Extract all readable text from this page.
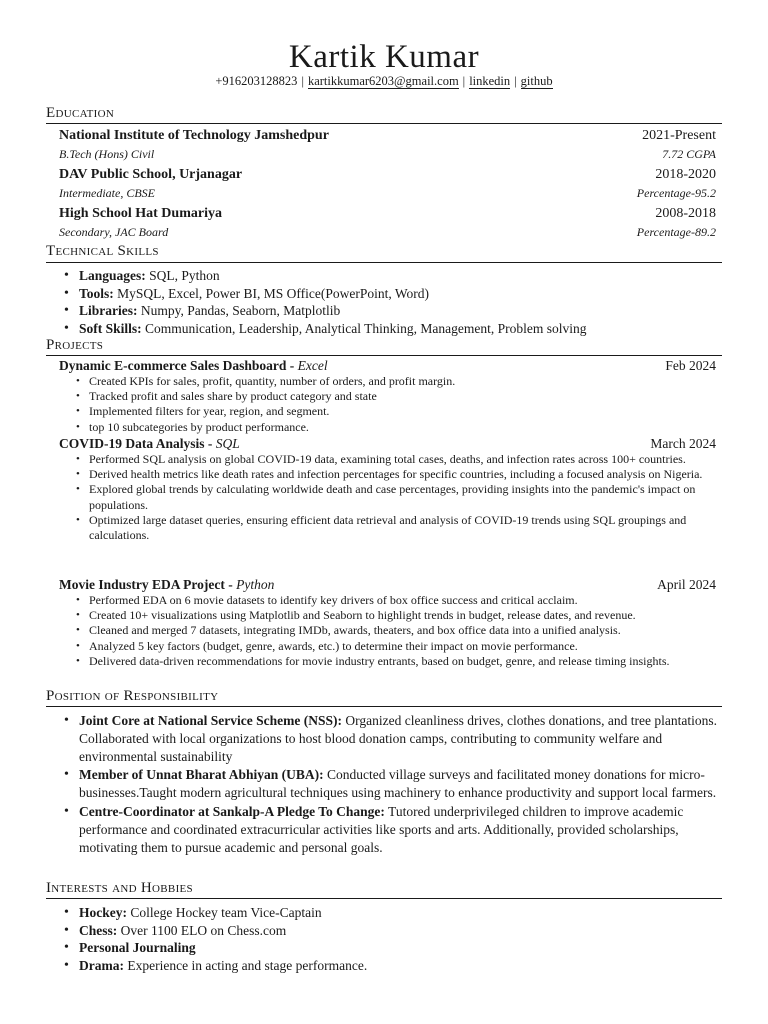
Kartik Kumar
+916203128823 | kartikkumar6203@gmail.com | linkedin | github
Education
National Institute of Technology Jamshedpur	2021-Present
B.Tech (Hons) Civil	7.72 CGPA
DAV Public School, Urjanagar	2018-2020
Intermediate, CBSE	Percentage-95.2
High School Hat Dumariya	2008-2018
Secondary, JAC Board	Percentage-89.2
Technical Skills
• Languages: SQL, Python
• Tools: MySQL, Excel, Power BI, MS Office(PowerPoint, Word)
• Libraries: Numpy, Pandas, Seaborn, Matplotlib
• Soft Skills: Communication, Leadership, Analytical Thinking, Management, Problem solving
Projects
Dynamic E-commerce Sales Dashboard - Excel	Feb 2024
• Created KPIs for sales, profit, quantity, number of orders, and profit margin.
• Tracked profit and sales share by product category and state
• Implemented filters for year, region, and segment.
• top 10 subcategories by product performance.
COVID-19 Data Analysis - SQL	March 2024
• Performed SQL analysis on global COVID-19 data, examining total cases, deaths, and infection rates across 100+ countries.
• Derived health metrics like death rates and infection percentages for specific countries, including a focused analysis on Nigeria.
• Explored global trends by calculating worldwide death and case percentages, providing insights into the pandemic's impact on populations.
• Optimized large dataset queries, ensuring efficient data retrieval and analysis of COVID-19 trends using SQL groupings and calculations.
Movie Industry EDA Project - Python	April 2024
• Performed EDA on 6 movie datasets to identify key drivers of box office success and critical acclaim.
• Created 10+ visualizations using Matplotlib and Seaborn to highlight trends in budget, release dates, and revenue.
• Cleaned and merged 7 datasets, integrating IMDb, awards, theaters, and box office data into a unified analysis.
• Analyzed 5 key factors (budget, genre, awards, etc.) to determine their impact on movie performance.
• Delivered data-driven recommendations for movie industry entrants, based on budget, genre, and release timing insights.
Position of Responsibility
• Joint Core at National Service Scheme (NSS): Organized cleanliness drives, clothes donations, and tree plantations. Collaborated with local organizations to host blood donation camps, contributing to community welfare and environmental sustainability
• Member of Unnat Bharat Abhiyan (UBA): Conducted village surveys and facilitated money donations for micro-businesses.Taught modern agricultural techniques using machinery to enhance productivity and support local farmers.
• Centre-Coordinator at Sankalp-A Pledge To Change: Tutored underprivileged children to improve academic performance and coordinated extracurricular activities like sports and arts. Additionally, provided scholarships, motivating them to pursue academic and personal goals.
Interests and Hobbies
• Hockey: College Hockey team Vice-Captain
• Chess: Over 1100 ELO on Chess.com
• Personal Journaling
• Drama: Experience in acting and stage performance.
